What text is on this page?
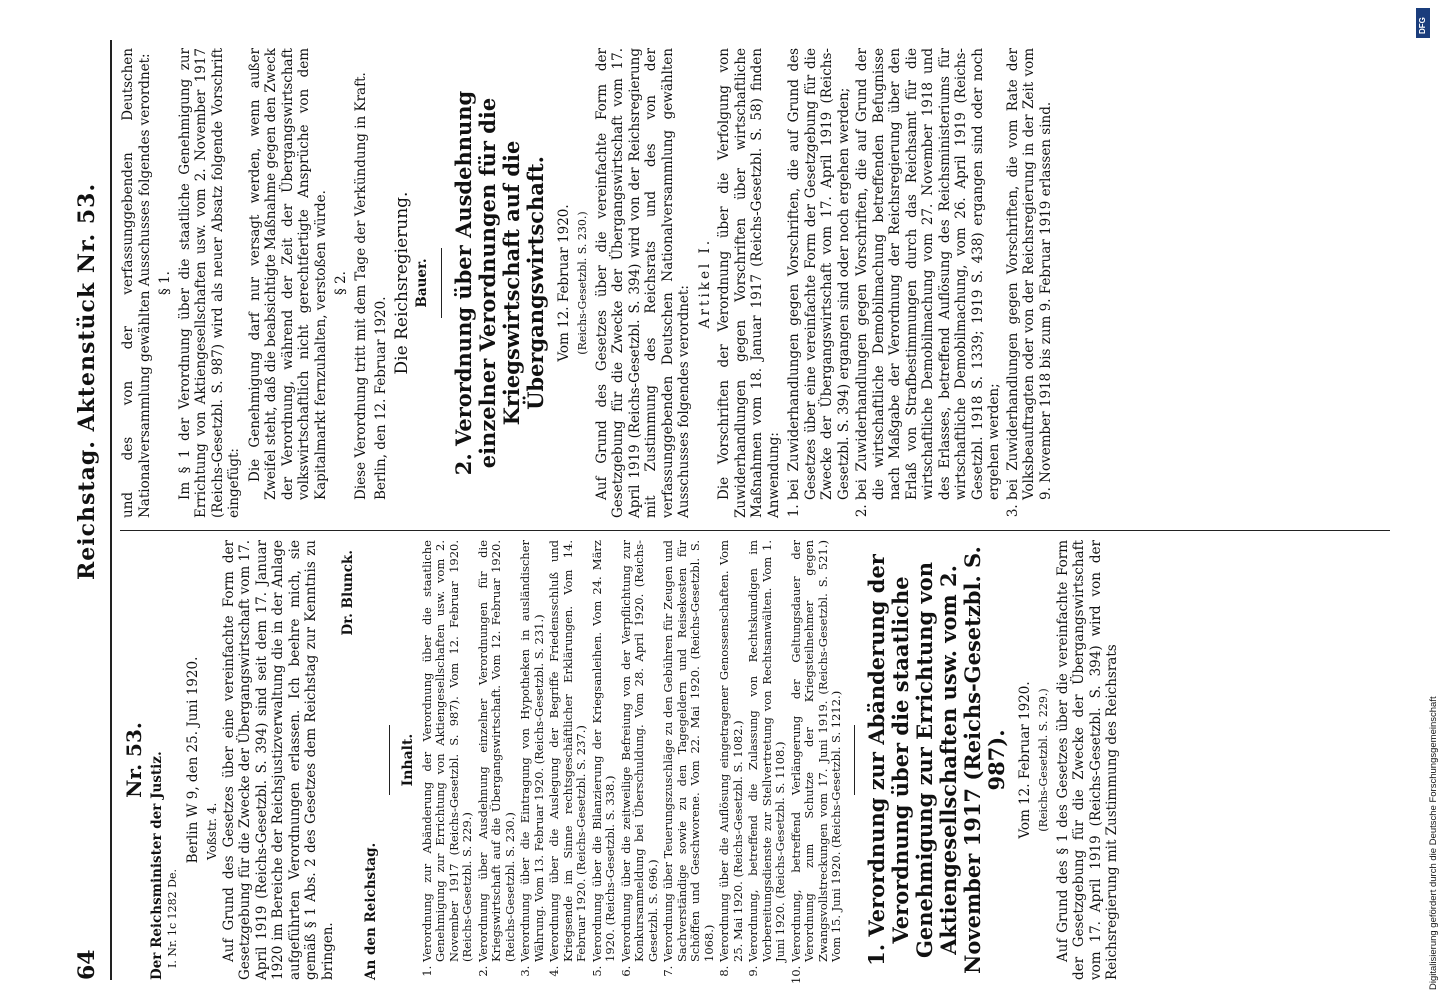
64
Reichstag. Aktenstück Nr. 53.
Nr. 53. Der Reichsminister der Justiz. I. Nr. 1c 1282 De.
Berlin W 9, den 25. Juni 1920. Voßstr. 4. Auf Grund des Gesetzes über eine vereinfachte Form der Gesetzgebung für die Zwecke der Übergangswirtschaft vom 17. April 1919 (Reichs-Gesetzbl. S. 394) sind seit dem 17. Januar 1920 im Bereiche der Reichsjustizverwaltung die in der Anlage aufgeführten Verordnungen erlassen. Ich beehre mich, sie gemäß § 1 Abs. 2 des Gesetzes dem Reichstag zur Kenntnis zu bringen.

Dr. Blunck.
An den Reichstag.
Inhalt. 1. Verordnung zur Abänderung der Verordnung über die staatliche Genehmigung zur Errichtung von Aktiengesellschaften usw. vom 2. November 1917 (Reichs-Gesetzbl. S. 987). Vom 12. Februar 1920. (Reichs-Gesetzbl. S. 229.) 2. Verordnung über Ausdehnung einzelner Verordnungen für die Kriegswirtschaft auf die Übergangswirtschaft. Vom 12. Februar 1920. (Reichs-Gesetzbl. S. 230.) 3. Verordnung über die Eintragung von Hypotheken in ausländischer Währung. Vom 13. Februar 1920. (Reichs-Gesetzbl. S. 231.) 4. Verordnung über die Auslegung der Begriffe Friedensschluß und Kriegsende im Sinne rechtsgeschäftlicher Erklärungen. Vom 14. Februar 1920. (Reichs-Gesetzbl. S. 237.) 5. Verordnung über die Bilanzierung der Kriegsanleihen. Vom 24. März 1920. (Reichs-Gesetzbl. S. 338.) 6. Verordnung über die zeitweilige Befreiung von der Verpflichtung zur Konkursanmeldung bei Überschuldung. Vom 28. April 1920. (Reichs-Gesetzbl. S. 696.) 7. Verordnung über Teuerungszuschläge zu den Gebühren für Zeugen und Sachverständige sowie zu den Tagegeldern und Reisekosten für Schöffen und Geschworene. Vom 22. Mai 1920. (Reichs-Gesetzbl. S. 1068.) 8. Verordnung über die Auflösung eingetragener Genossenschaften. Vom 25. Mai 1920. (Reichs-Gesetzbl. S. 1082.) 9. Verordnung, betreffend die Zulassung von Rechtskundigen im Vorbereitungsdienste zur Stellvertretung von Rechtsanwälten. Vom 1. Juni 1920. (Reichs-Gesetzbl. S. 1108.) 10. Verordnung, betreffend Verlängerung der Geltungsdauer der Verordnung zum Schutze der Kriegsteilnehmer gegen Zwangsvollstreckungen vom 17. Juni 1919. (Reichs-Gesetzbl. S. 521.) Vom 15. Juni 1920. (Reichs-Gesetzbl. S. 1212.) 1. Verordnung zur Abänderung der Verordnung über die staatliche Genehmigung zur Errichtung von Aktiengesellschaften usw. vom 2. November 1917 (Reichs-Gesetzbl. S. 987). Vom 12. Februar 1920. (Reichs-Gesetzbl. S. 229.) Auf Grund des § 1 des Gesetzes über die vereinfachte Form der Gesetzgebung für die Zwecke der Übergangswirtschaft vom 17. April 1919 (Reichs-Gesetzbl. S. 394) wird von der Reichsregierung mit Zustimmung des Reichsrats

und des von der verfassunggebenden Deutschen Nationalversammlung gewählten Ausschusses folgendes verordnet: § 1. Im § 1 der Verordnung über die staatliche Genehmigung zur Errichtung von Aktiengesellschaften usw. vom 2. November 1917 (Reichs-Gesetzbl. S. 987) wird als neuer Absatz folgende Vorschrift eingefügt:

Die Genehmigung darf nur versagt werden, wenn außer Zweifel steht, daß die beabsichtigte Maßnahme gegen den Zweck der Verordnung, während der Zeit der Übergangswirtschaft volkswirtschaftlich nicht gerechtfertigte Ansprüche von dem Kapitalmarkt fernzuhalten, verstoßen würde. § 2. Diese Verordnung tritt mit dem Tage der Verkündung in Kraft. Berlin, den 12. Februar 1920.
Die Reichsregierung. Bauer. 2. Verordnung über Ausdehnung einzelner Verordnungen für die Kriegswirtschaft auf die Übergangswirtschaft. Vom 12. Februar 1920. (Reichs-Gesetzbl. S. 230.) Auf Grund des Gesetzes über die vereinfachte Form der Gesetzgebung für die Zwecke der Übergangswirtschaft vom 17. April 1919 (Reichs-Gesetzbl. S. 394) wird von der Reichsregierung mit Zustimmung des Reichsrats und des von der verfassunggebenden Deutschen Nationalversammlung gewählten Ausschusses folgendes verordnet:

Artikel I. Die Vorschriften der Verordnung über die Verfolgung von Zuwiderhandlungen gegen Vorschriften über wirtschaftliche Maßnahmen vom 18. Januar 1917 (Reichs-Gesetzbl. S. 58) finden Anwendung: 1. bei Zuwiderhandlungen gegen Vorschriften, die auf Grund des Gesetzes über eine vereinfachte Form der Gesetzgebung für die Zwecke der Übergangswirtschaft vom 17. April 1919 (Reichs-Gesetzbl. S. 394) ergangen sind oder noch ergehen werden; 2. bei Zuwiderhandlungen gegen Vorschriften, die auf Grund der die wirtschaftliche Demobilmachung betreffenden Befugnisse nach Maßgabe der Verordnung der Reichsregierung über den Erlaß von Strafbestimmungen durch das Reichsamt für die wirtschaftliche Demobilmachung vom 27. November 1918 und des Erlasses, betreffend Auflösung des Reichsministeriums für wirtschaftliche Demobilmachung, vom 26. April 1919 (Reichs-Gesetzbl. 1918 S. 1339; 1919 S. 438) ergangen sind oder noch ergehen werden; 3. bei Zuwiderhandlungen gegen Vorschriften, die vom Rate der Volksbeauftragten oder von der Reichsregierung in der Zeit vom 9. November 1918 bis zum 9. Februar 1919 erlassen sind.
DFG
Digitalisierung gefördert durch die Deutsche Forschungsgemeinschaft
